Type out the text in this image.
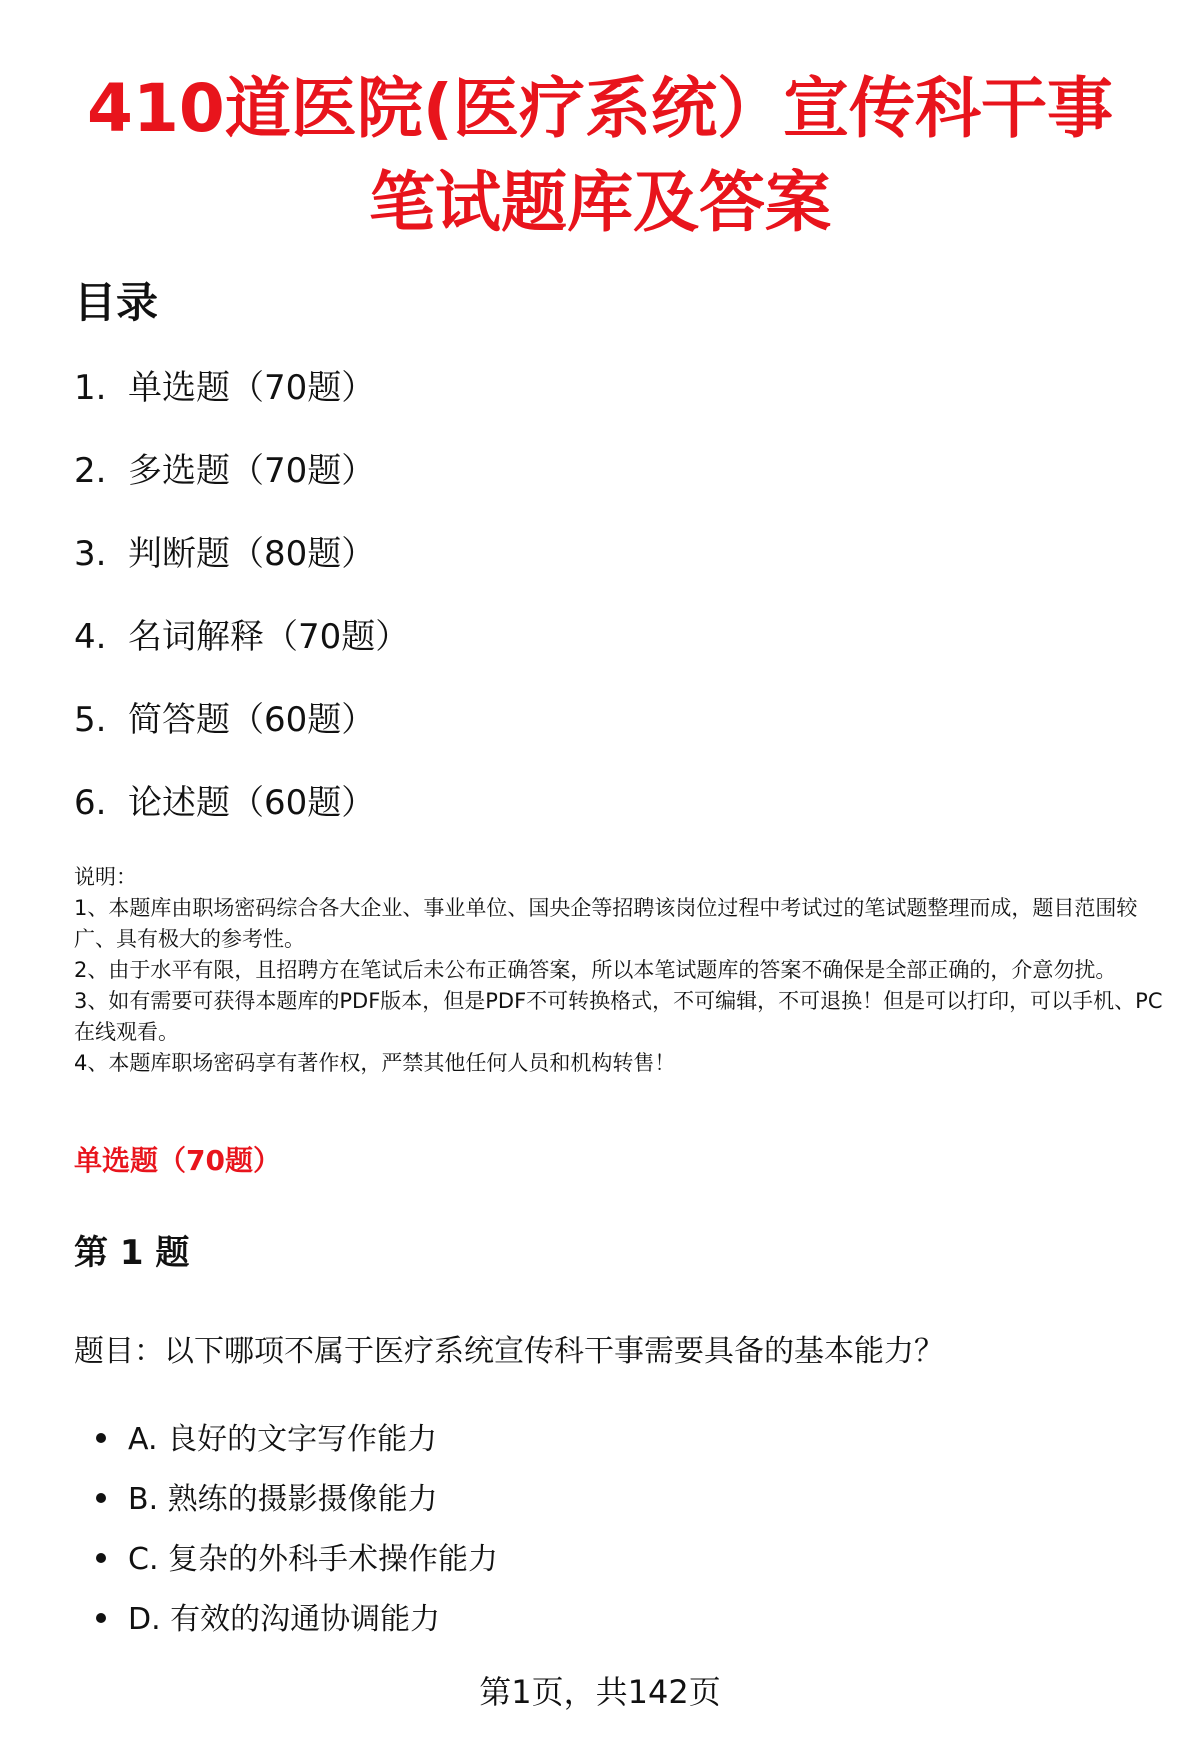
410道医院(医疗系统）宣传科干事
笔试题库及答案
目录
1. 单选题（70题）
2. 多选题（70题）
3. 判断题（80题）
4. 名词解释（70题）
5. 简答题（60题）
6. 论述题（60题）

说明：

1、本题库由职场密码综合各大企业、事业单位、国央企等招聘该岗位过程中考试过的笔试题整理而成，题目范围较广、具有极大的参考性。

2、由于水平有限，且招聘方在笔试后未公布正确答案，所以本笔试题库的答案不确保是全部正确的，介意勿扰。

3、如有需要可获得本题库的PDF版本，但是PDF不可转换格式，不可编辑，不可退换！但是可以打印，可以手机、PC在线观看。

4、本题库职场密码享有著作权，严禁其他任何人员和机构转售！

单选题（70题）
第 1 题
题目：以下哪项不属于医疗系统宣传科干事需要具备的基本能力？
A. 良好的文字写作能力
B. 熟练的摄影摄像能力
C. 复杂的外科手术操作能力
D. 有效的沟通协调能力
第1页，共142页
